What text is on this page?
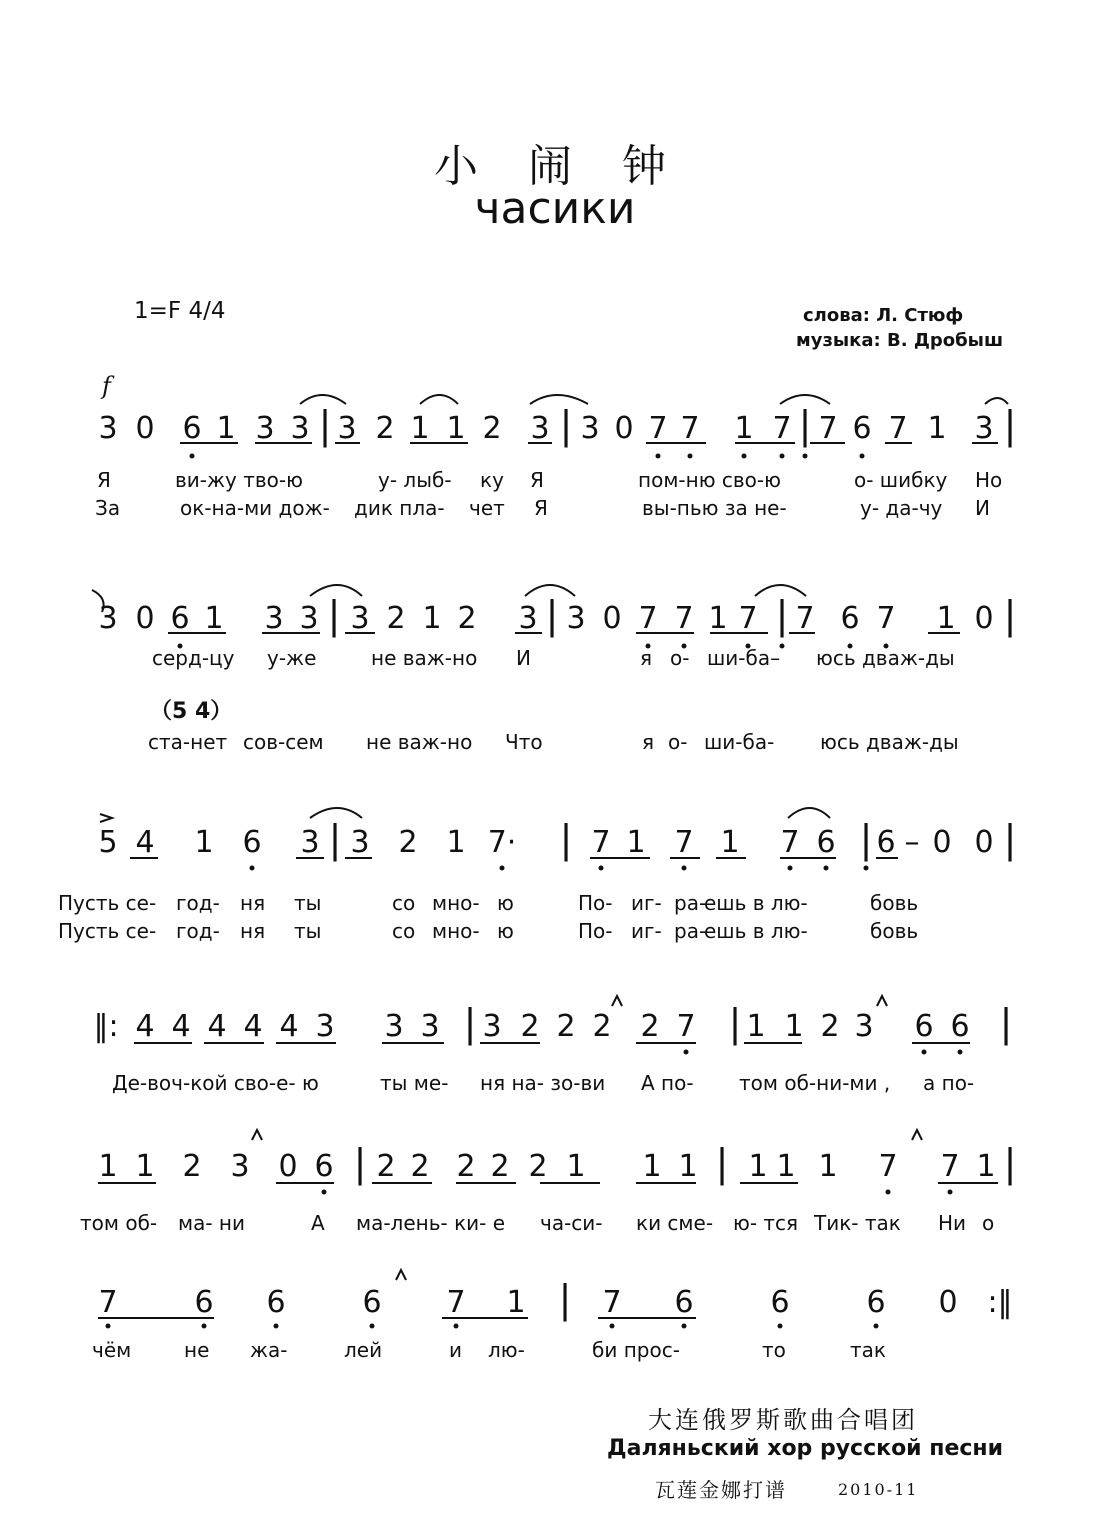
小 闹 钟
часики
1=F 4/4	слова: Л. Стюф
музыка: В. Дробыш
f
3 0 6 1 3 3 | 3 2 1 1 2 3 | 3 0 7 7 1 7 | 7 6 7 1 3 |
3 0 6 1 3 3 | 3 2 1 2 3 | 3 0 7 7 1 7 | 7 6 7 1 0 |
（5 4）
5 4 1 6 3 | 3 2 1 7· | 7 1 7 1 7 6 | 6 – 0 0 |
‖: 4 4 4 4 4 3 3 3 | 3 2 2 2 2 7 | 1 1 2 3 6 6 |
1 1 2 3 0 6 | 2 2 2 2 2 1 1 1 | 1 1 1 7 7 1 |
7	6 6	6 7 1 | 7 6	6	6 0 :‖
Я	ви-жу тво-ю	у- лыб- ку Я	пом-ню сво-ю	о- шибку Но
За	ок-на-ми дож- дик пла- чет Я	вы-пью за не-	у- да-чу И
серд-цу у-же	не важ-но И	я о- ши-ба– юсь дваж-ды
ста-нет сов-сем не важ-но Что	я о- ши-ба- юсь дваж-ды
Пусть се- год- ня ты	со мно- ю	По- иг- ра-
ешь в лю-	бовь
Пусть се- год- ня ты	со мно- ю	По- иг- ра-
ешь в лю-	бовь
Де-воч-кой сво-е- ю	ты ме- ня на- зо-ви А по- том об-ни-ми , а по-
том об- ма- ни	А ма-лень- ки- е ча-си- ки сме- ю- тся Тик- так Ни о
чём	не жа-	лей	и лю-	би прос-	то	так
大连俄罗斯歌曲合唱团
Даляньский хор русской песни
瓦莲金娜打谱	2010-11
